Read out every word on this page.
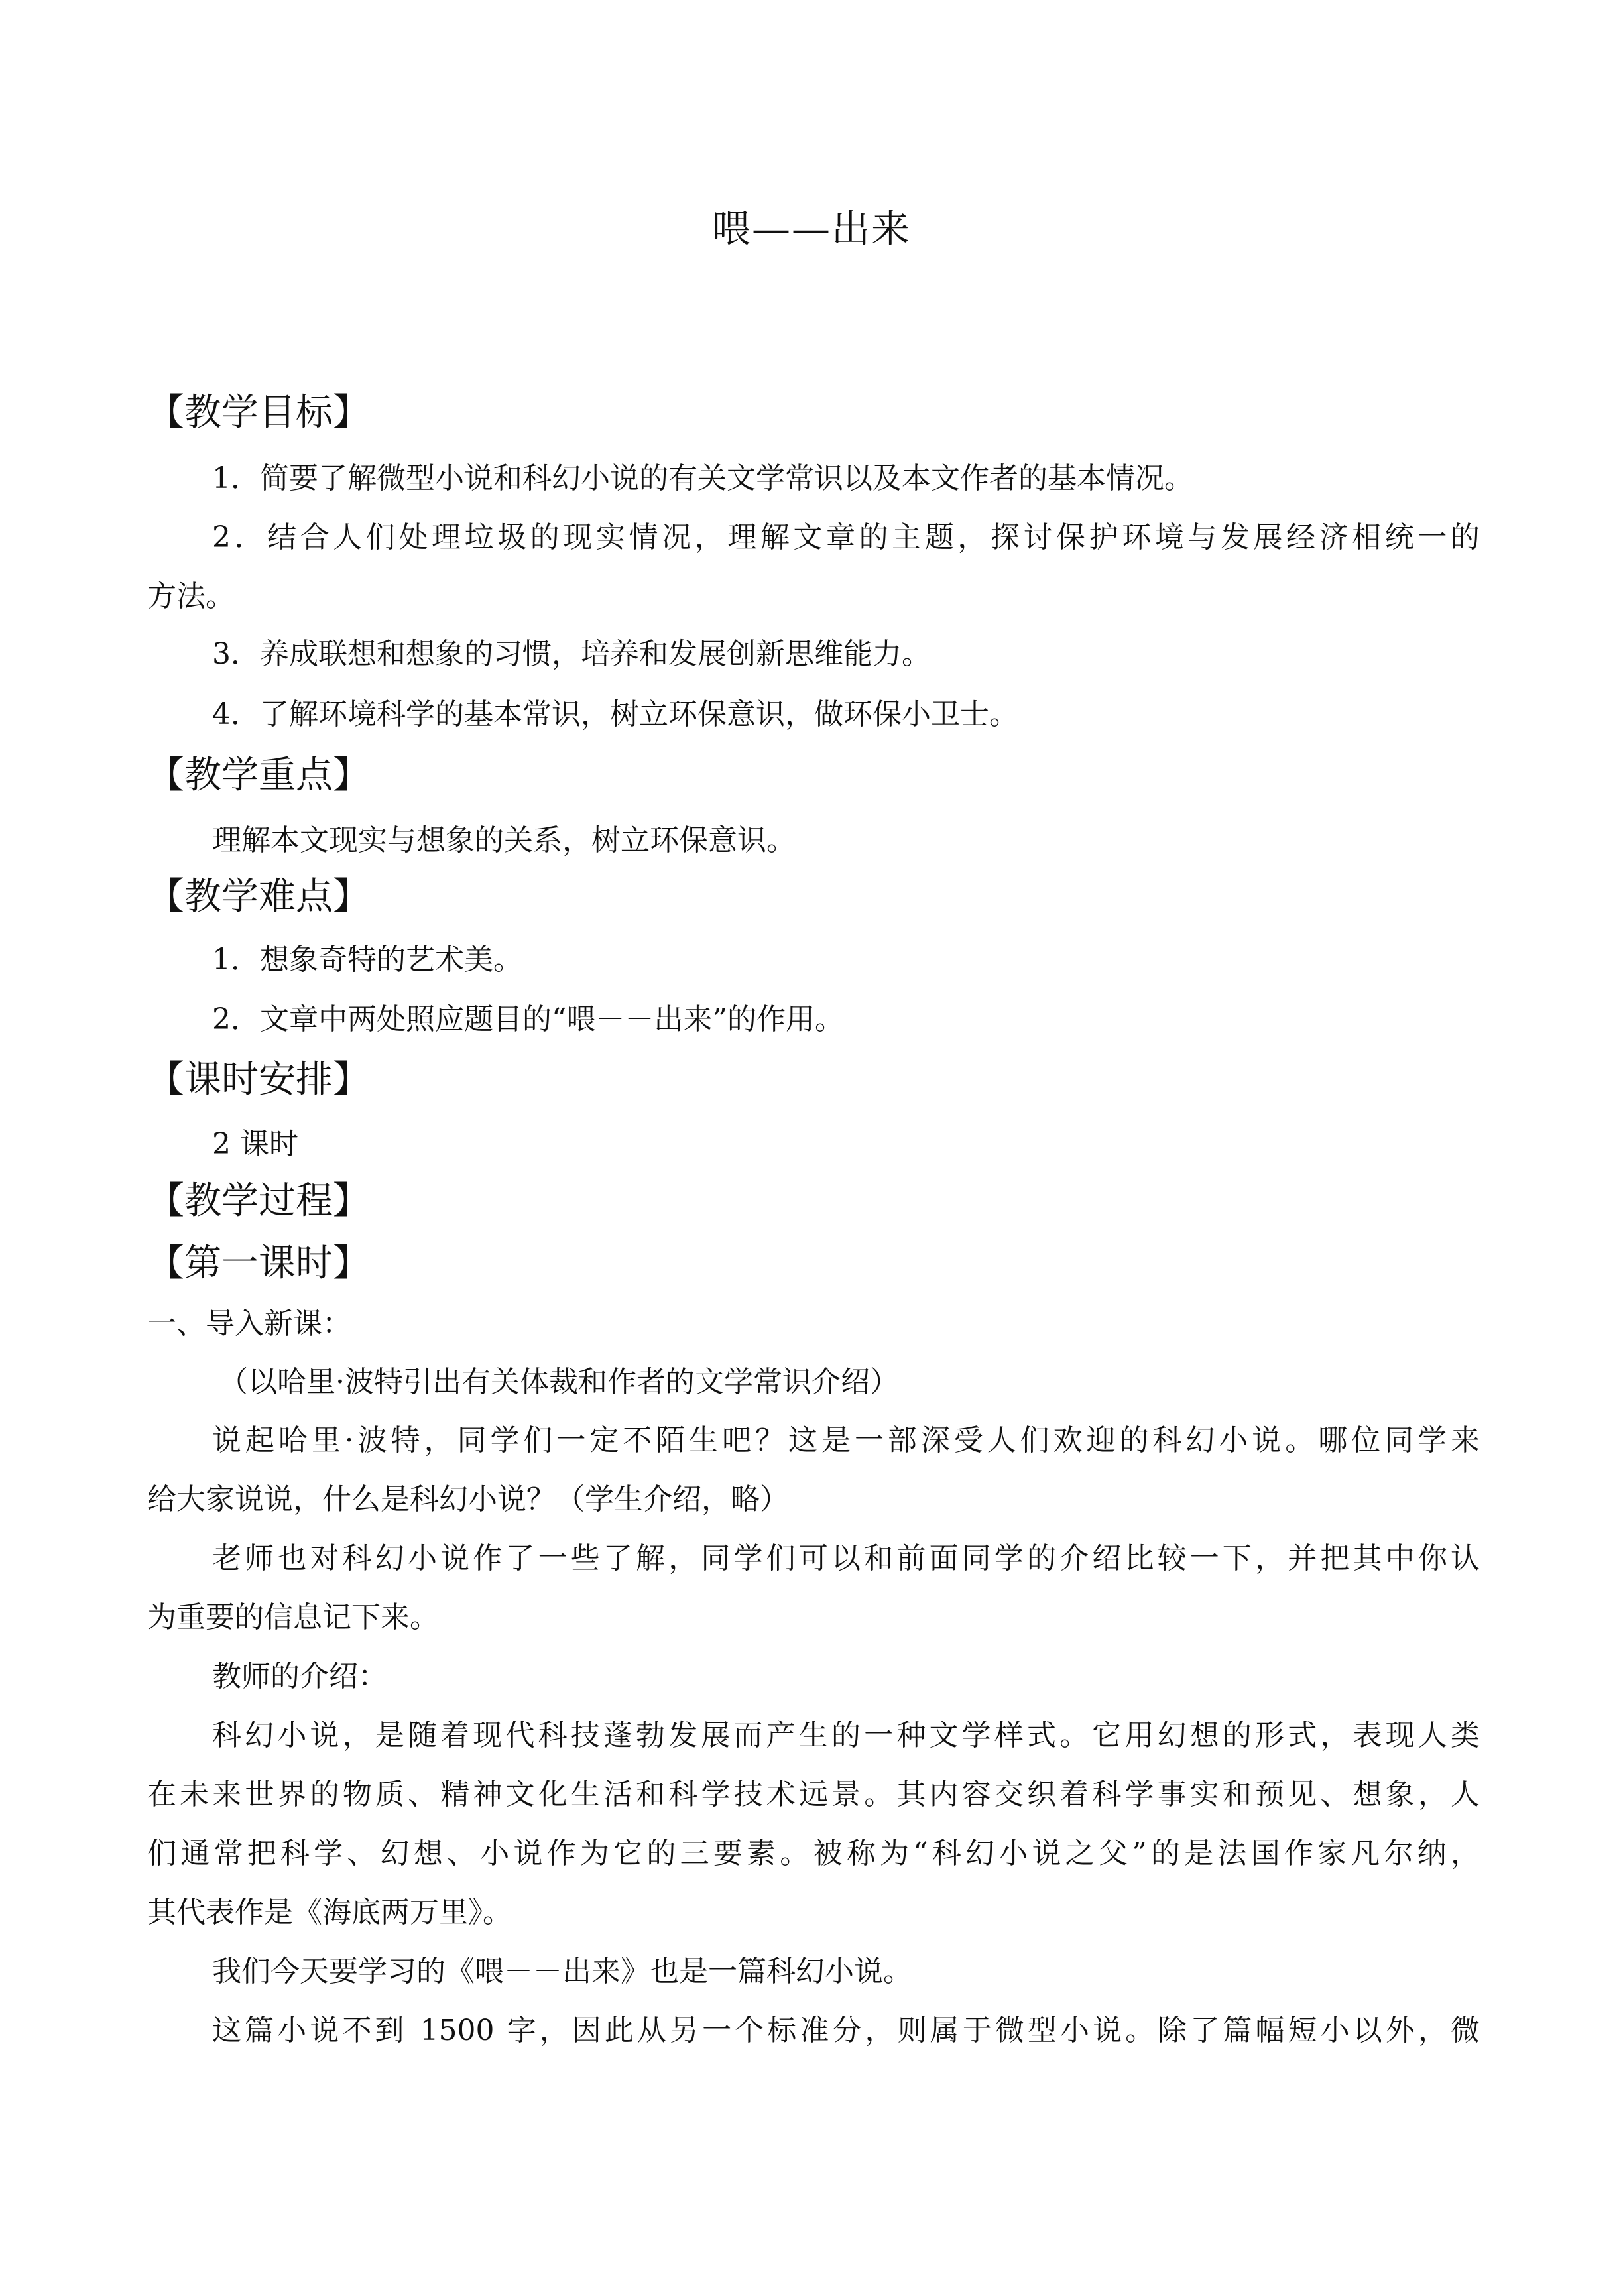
喂——出来
【教学目标】
1．简要了解微型小说和科幻小说的有关文学常识以及本文作者的基本情况。
2．结合人们处理垃圾的现实情况，理解文章的主题，探讨保护环境与发展经济相统一的
方法。
3．养成联想和想象的习惯，培养和发展创新思维能力。
4．了解环境科学的基本常识，树立环保意识，做环保小卫士。
【教学重点】
理解本文现实与想象的关系，树立环保意识。
【教学难点】
1．想象奇特的艺术美。
2．文章中两处照应题目的“喂－－出来”的作用。
【课时安排】
2 课时
【教学过程】
【第一课时】
一、导入新课：
（以哈里·波特引出有关体裁和作者的文学常识介绍）
说起哈里·波特，同学们一定不陌生吧？这是一部深受人们欢迎的科幻小说。哪位同学来
给大家说说，什么是科幻小说？（学生介绍，略）
老师也对科幻小说作了一些了解，同学们可以和前面同学的介绍比较一下，并把其中你认
为重要的信息记下来。
教师的介绍：
科幻小说，是随着现代科技蓬勃发展而产生的一种文学样式。它用幻想的形式，表现人类
在未来世界的物质、精神文化生活和科学技术远景。其内容交织着科学事实和预见、想象，人
们通常把科学、幻想、小说作为它的三要素。被称为“科幻小说之父”的是法国作家凡尔纳，
其代表作是《海底两万里》。
我们今天要学习的《喂－－出来》也是一篇科幻小说。
这篇小说不到 1500 字，因此从另一个标准分，则属于微型小说。除了篇幅短小以外，微
